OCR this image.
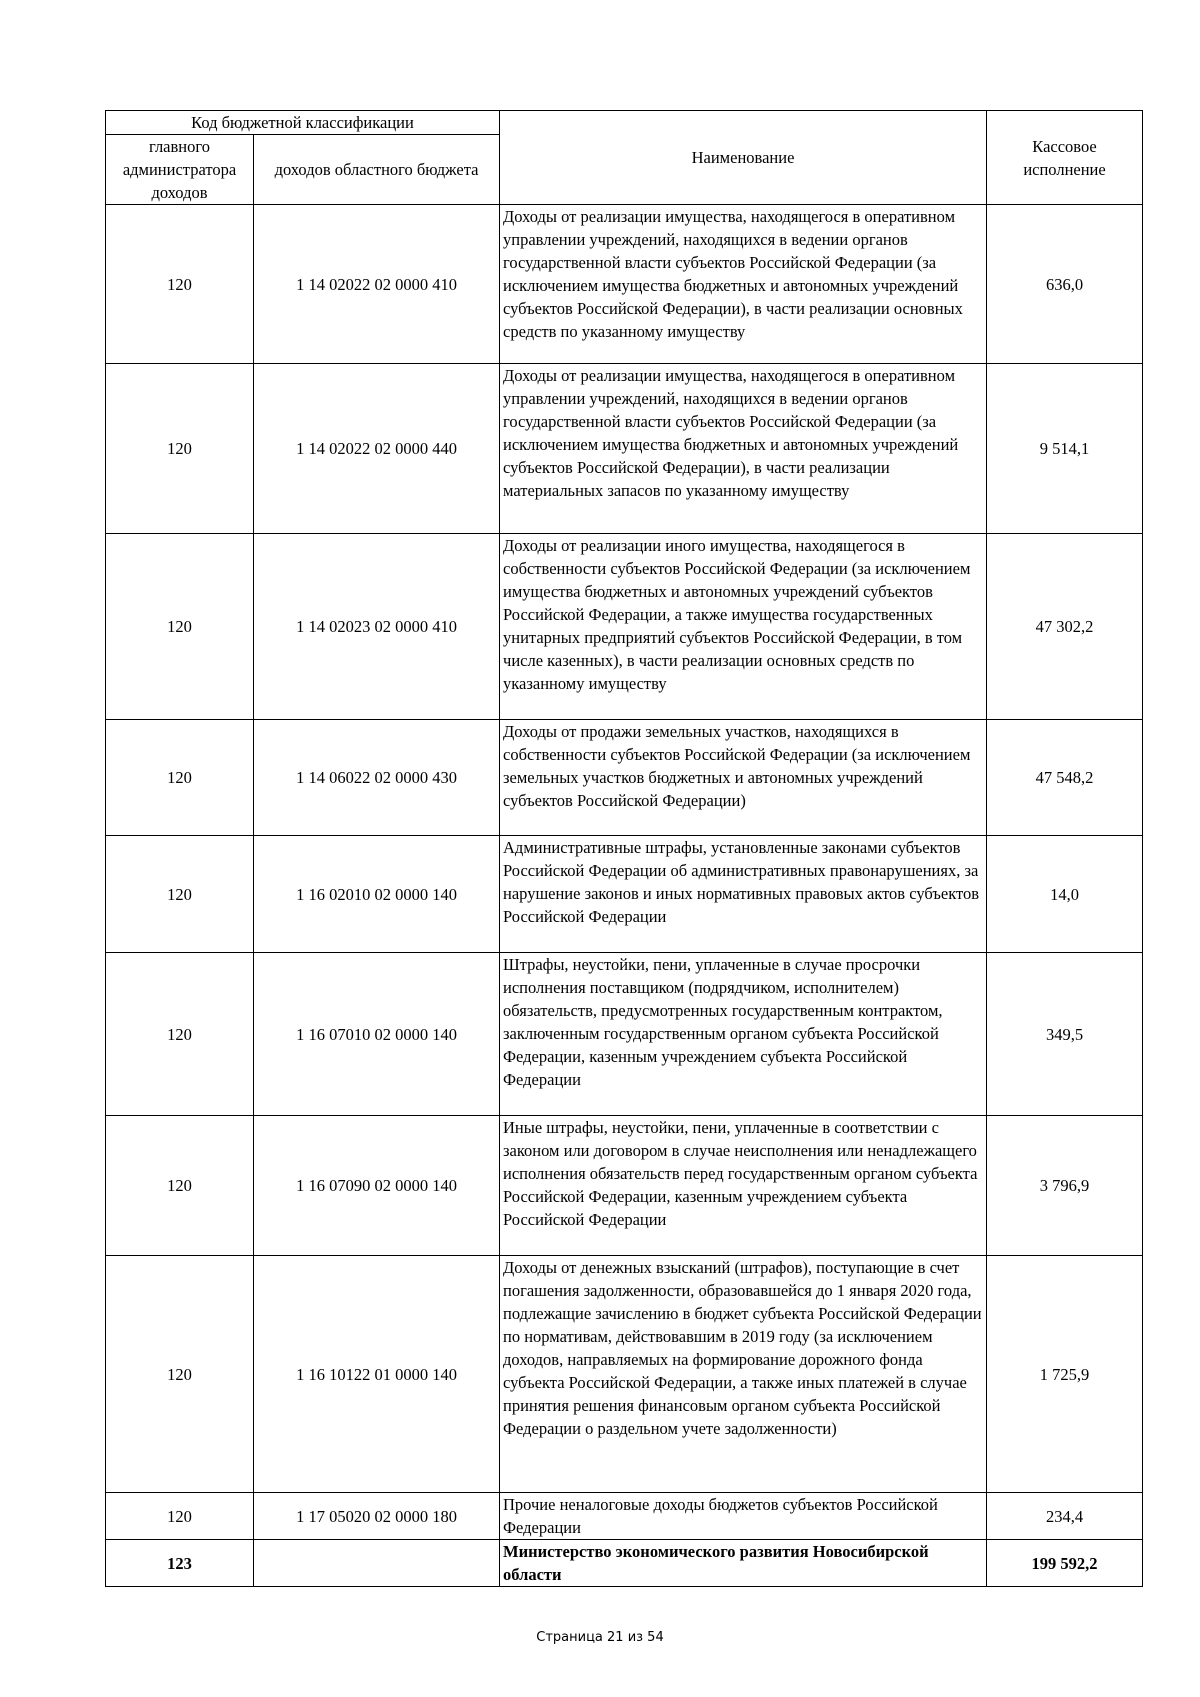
Код бюджетной классификации		Наименование	Кассовое исполнение
главного администратора доходов	доходов областного бюджета		
120	1 14 02022 02 0000 410	Доходы от реализации имущества, находящегося в оперативном управлении учреждений, находящихся в ведении органов государственной власти субъектов Российской Федерации (за исключением имущества бюджетных и автономных учреждений субъектов Российской Федерации), в части реализации основных средств по указанному имуществу	636,0
120	1 14 02022 02 0000 440	Доходы от реализации имущества, находящегося в оперативном управлении учреждений, находящихся в ведении органов государственной власти субъектов Российской Федерации (за исключением имущества бюджетных и автономных учреждений субъектов Российской Федерации), в части реализации материальных запасов по указанному имуществу	9 514,1
120	1 14 02023 02 0000 410	Доходы от реализации иного имущества, находящегося в собственности субъектов Российской Федерации (за исключением имущества бюджетных и автономных учреждений субъектов Российской Федерации, а также имущества государственных унитарных предприятий субъектов Российской Федерации, в том числе казенных), в части реализации основных средств по указанному имуществу	47 302,2
120	1 14 06022 02 0000 430	Доходы от продажи земельных участков, находящихся в собственности субъектов Российской Федерации (за исключением земельных участков бюджетных и автономных учреждений субъектов Российской Федерации)	47 548,2
120	1 16 02010 02 0000 140	Административные штрафы, установленные законами субъектов Российской Федерации об административных правонарушениях, за нарушение законов и иных нормативных правовых актов субъектов Российской Федерации	14,0
120	1 16 07010 02 0000 140	Штрафы, неустойки, пени, уплаченные в случае просрочки исполнения поставщиком (подрядчиком, исполнителем) обязательств, предусмотренных государственным контрактом, заключенным государственным органом субъекта Российской Федерации, казенным учреждением субъекта Российской Федерации	349,5
120	1 16 07090 02 0000 140	Иные штрафы, неустойки, пени, уплаченные в соответствии с законом или договором в случае неисполнения или ненадлежащего исполнения обязательств перед государственным органом субъекта Российской Федерации, казенным учреждением субъекта Российской Федерации	3 796,9
120	1 16 10122 01 0000 140	Доходы от денежных взысканий (штрафов), поступающие в счет погашения задолженности, образовавшейся до 1 января 2020 года, подлежащие зачислению в бюджет субъекта Российской Федерации по нормативам, действовавшим в 2019 году (за исключением доходов, направляемых на формирование дорожного фонда субъекта Российской Федерации, а также иных платежей в случае принятия решения финансовым органом субъекта Российской Федерации о раздельном учете задолженности)	1 725,9
120	1 17 05020 02 0000 180	Прочие неналоговые доходы бюджетов субъектов Российской Федерации	234,4
123		Министерство экономического развития Новосибирской области	199 592,2
Страница 21 из 54
